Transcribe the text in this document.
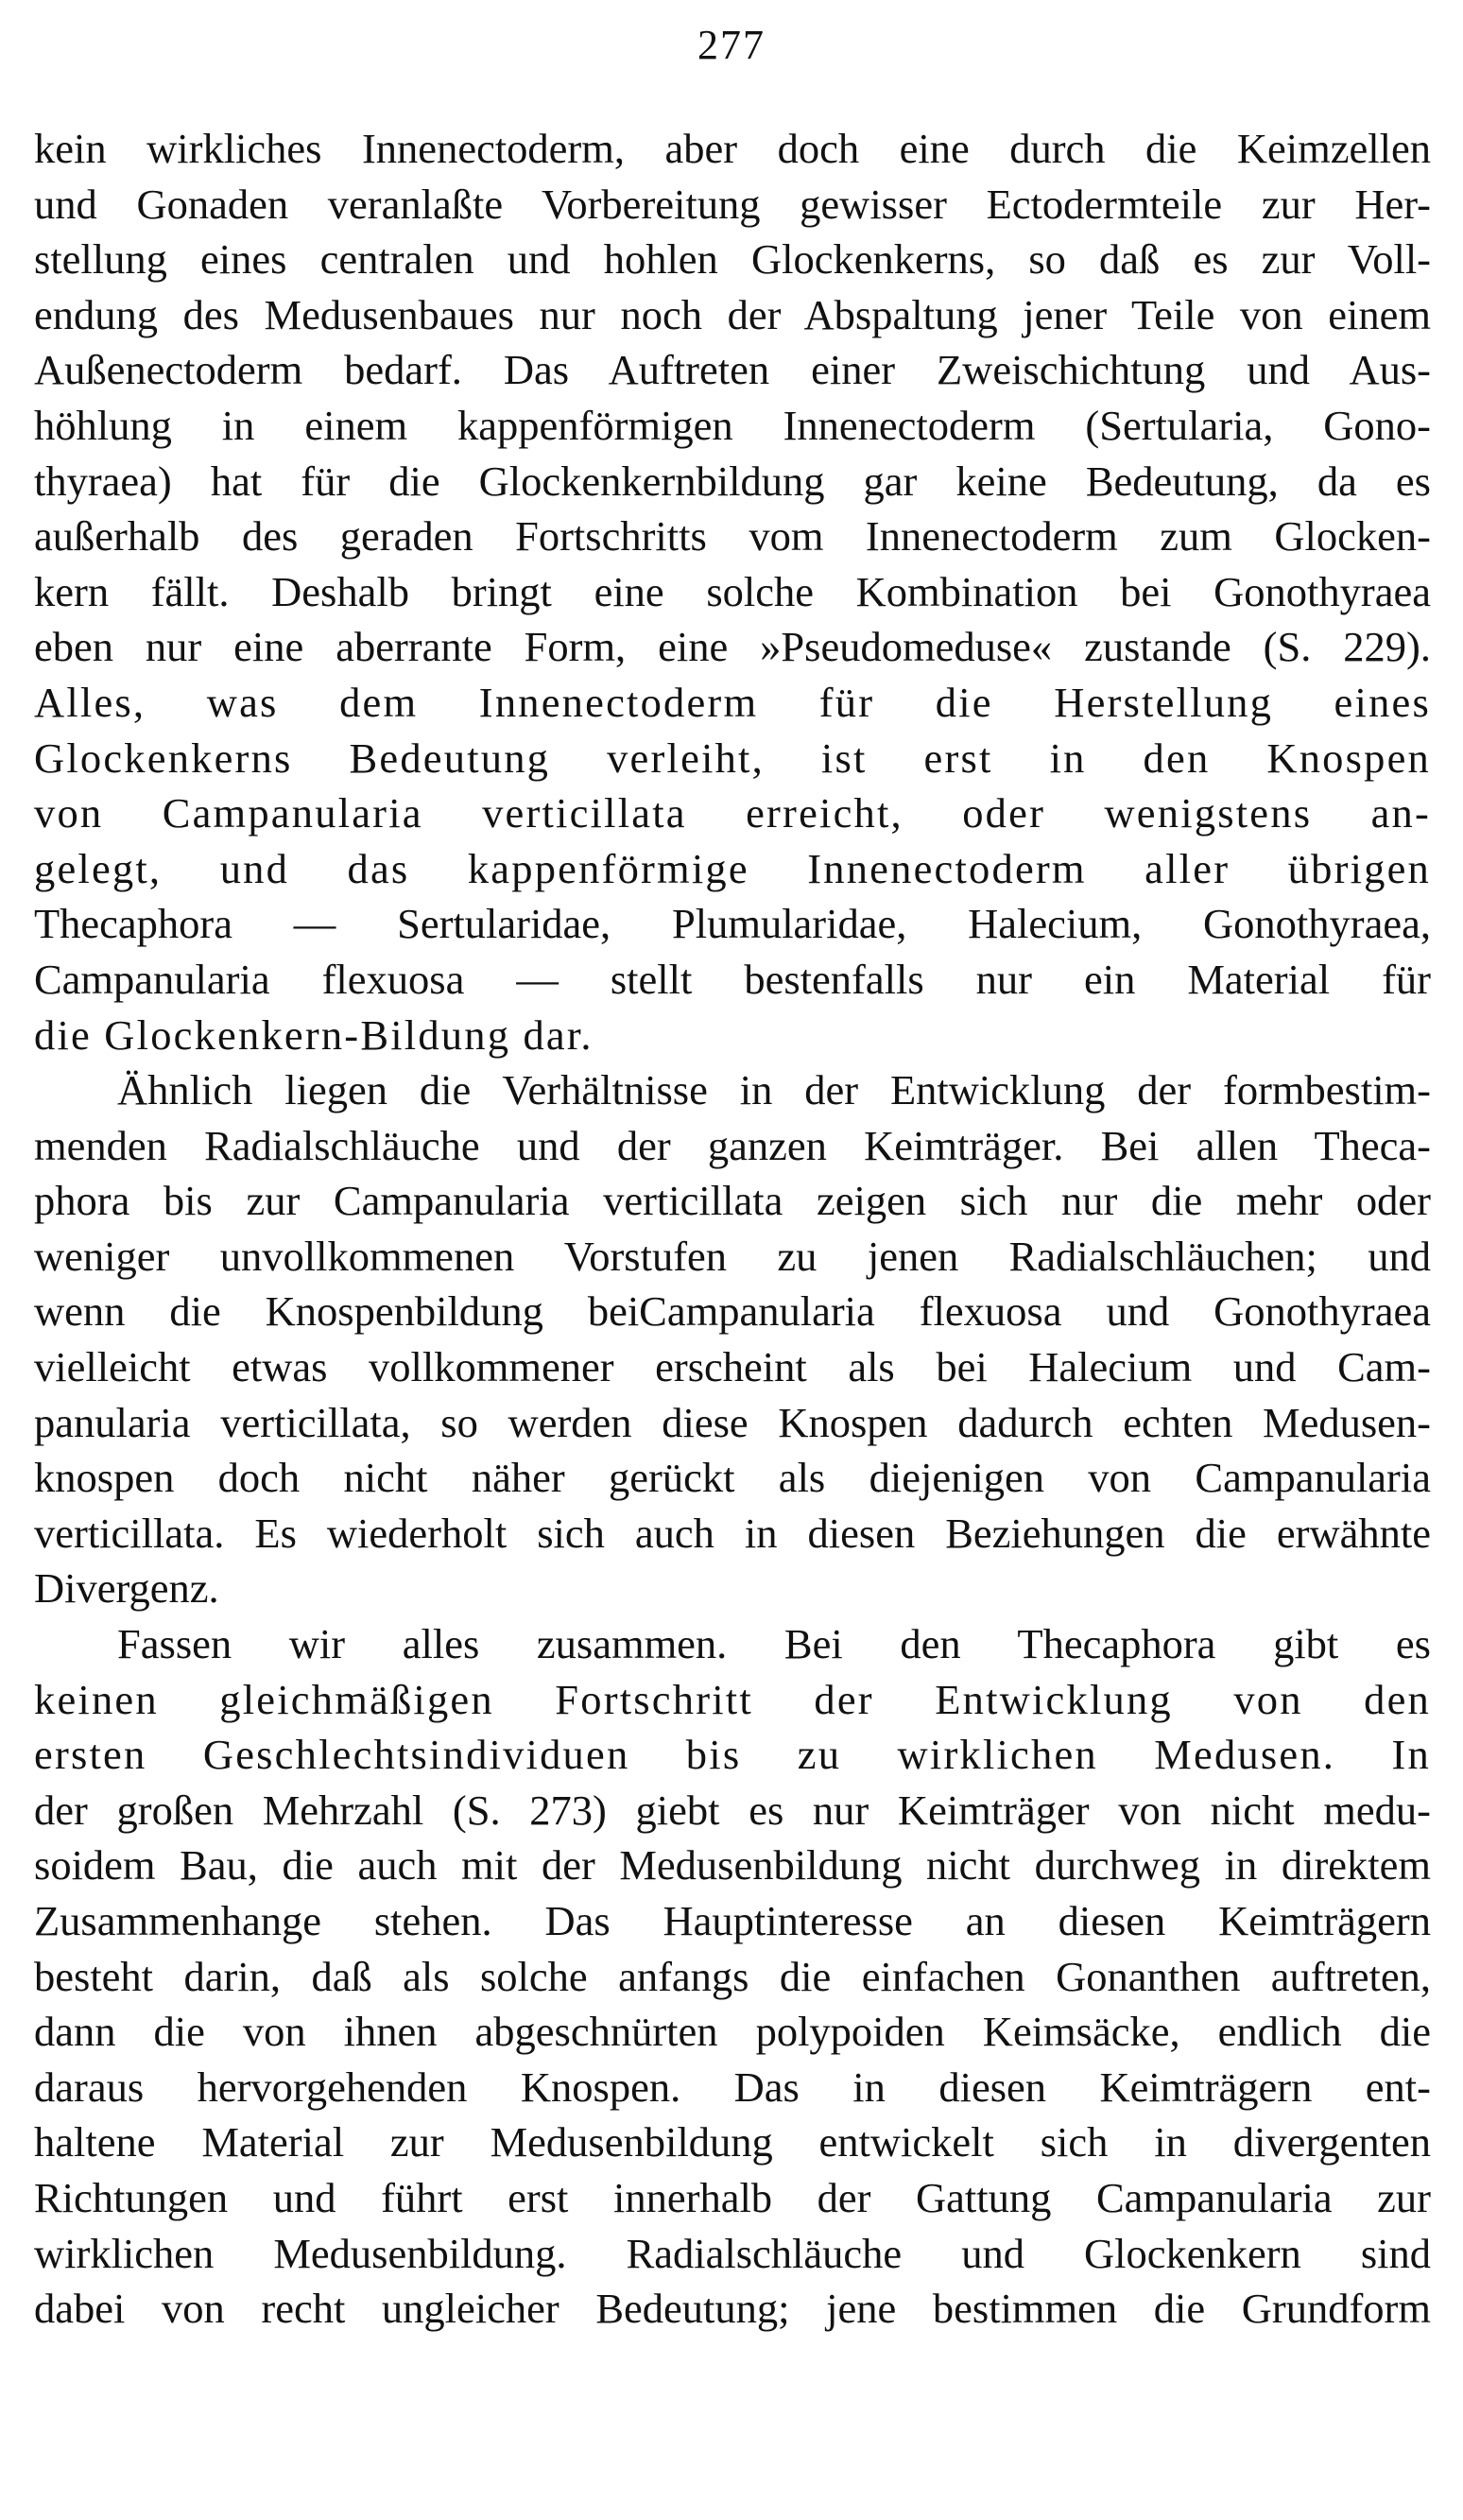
277
kein wirkliches Innenectoderm, aber doch eine durch die Keimzellen
und Gonaden veranlaßte Vorbereitung gewisser Ectodermteile zur Her-
stellung eines centralen und hohlen Glockenkerns, so daß es zur Voll-
endung des Medusenbaues nur noch der Abspaltung jener Teile von einem
Außenectoderm bedarf. Das Auftreten einer Zweischichtung und Aus-
höhlung in einem kappenförmigen Innenectoderm (Sertularia, Gono-
thyraea) hat für die Glockenkernbildung gar keine Bedeutung, da es
außerhalb des geraden Fortschritts vom Innenectoderm zum Glocken-
kern fällt. Deshalb bringt eine solche Kombination bei Gonothyraea
eben nur eine aberrante Form, eine »Pseudomeduse« zustande (S. 229).
Alles, was dem Innenectoderm für die Herstellung eines
Glockenkerns Bedeutung verleiht, ist erst in den Knospen
von Campanularia verticillata erreicht, oder wenigstens an-
gelegt, und das kappenförmige Innenectoderm aller übrigen
Thecaphora — Sertularidae, Plumularidae, Halecium, Gonothyraea,
Campanularia flexuosa — stellt bestenfalls nur ein Material für
die Glockenkern-Bildung dar.
Ähnlich liegen die Verhältnisse in der Entwicklung der formbestim-
menden Radialschläuche und der ganzen Keimträger. Bei allen Theca-
phora bis zur Campanularia verticillata zeigen sich nur die mehr oder
weniger unvollkommenen Vorstufen zu jenen Radialschläuchen; und
wenn die Knospenbildung beiCampanularia flexuosa und Gonothyraea
vielleicht etwas vollkommener erscheint als bei Halecium und Cam-
panularia verticillata, so werden diese Knospen dadurch echten Medusen-
knospen doch nicht näher gerückt als diejenigen von Campanularia
verticillata. Es wiederholt sich auch in diesen Beziehungen die erwähnte
Divergenz.
Fassen wir alles zusammen. Bei den Thecaphora gibt es
keinen gleichmäßigen Fortschritt der Entwicklung von den
ersten Geschlechtsindividuen bis zu wirklichen Medusen. In
der großen Mehrzahl (S. 273) giebt es nur Keimträger von nicht medu-
soidem Bau, die auch mit der Medusenbildung nicht durchweg in direktem
Zusammenhange stehen. Das Hauptinteresse an diesen Keimträgern
besteht darin, daß als solche anfangs die einfachen Gonanthen auftreten,
dann die von ihnen abgeschnürten polypoiden Keimsäcke, endlich die
daraus hervorgehenden Knospen. Das in diesen Keimträgern ent-
haltene Material zur Medusenbildung entwickelt sich in divergenten
Richtungen und führt erst innerhalb der Gattung Campanularia zur
wirklichen Medusenbildung. Radialschläuche und Glockenkern sind
dabei von recht ungleicher Bedeutung; jene bestimmen die Grundform
